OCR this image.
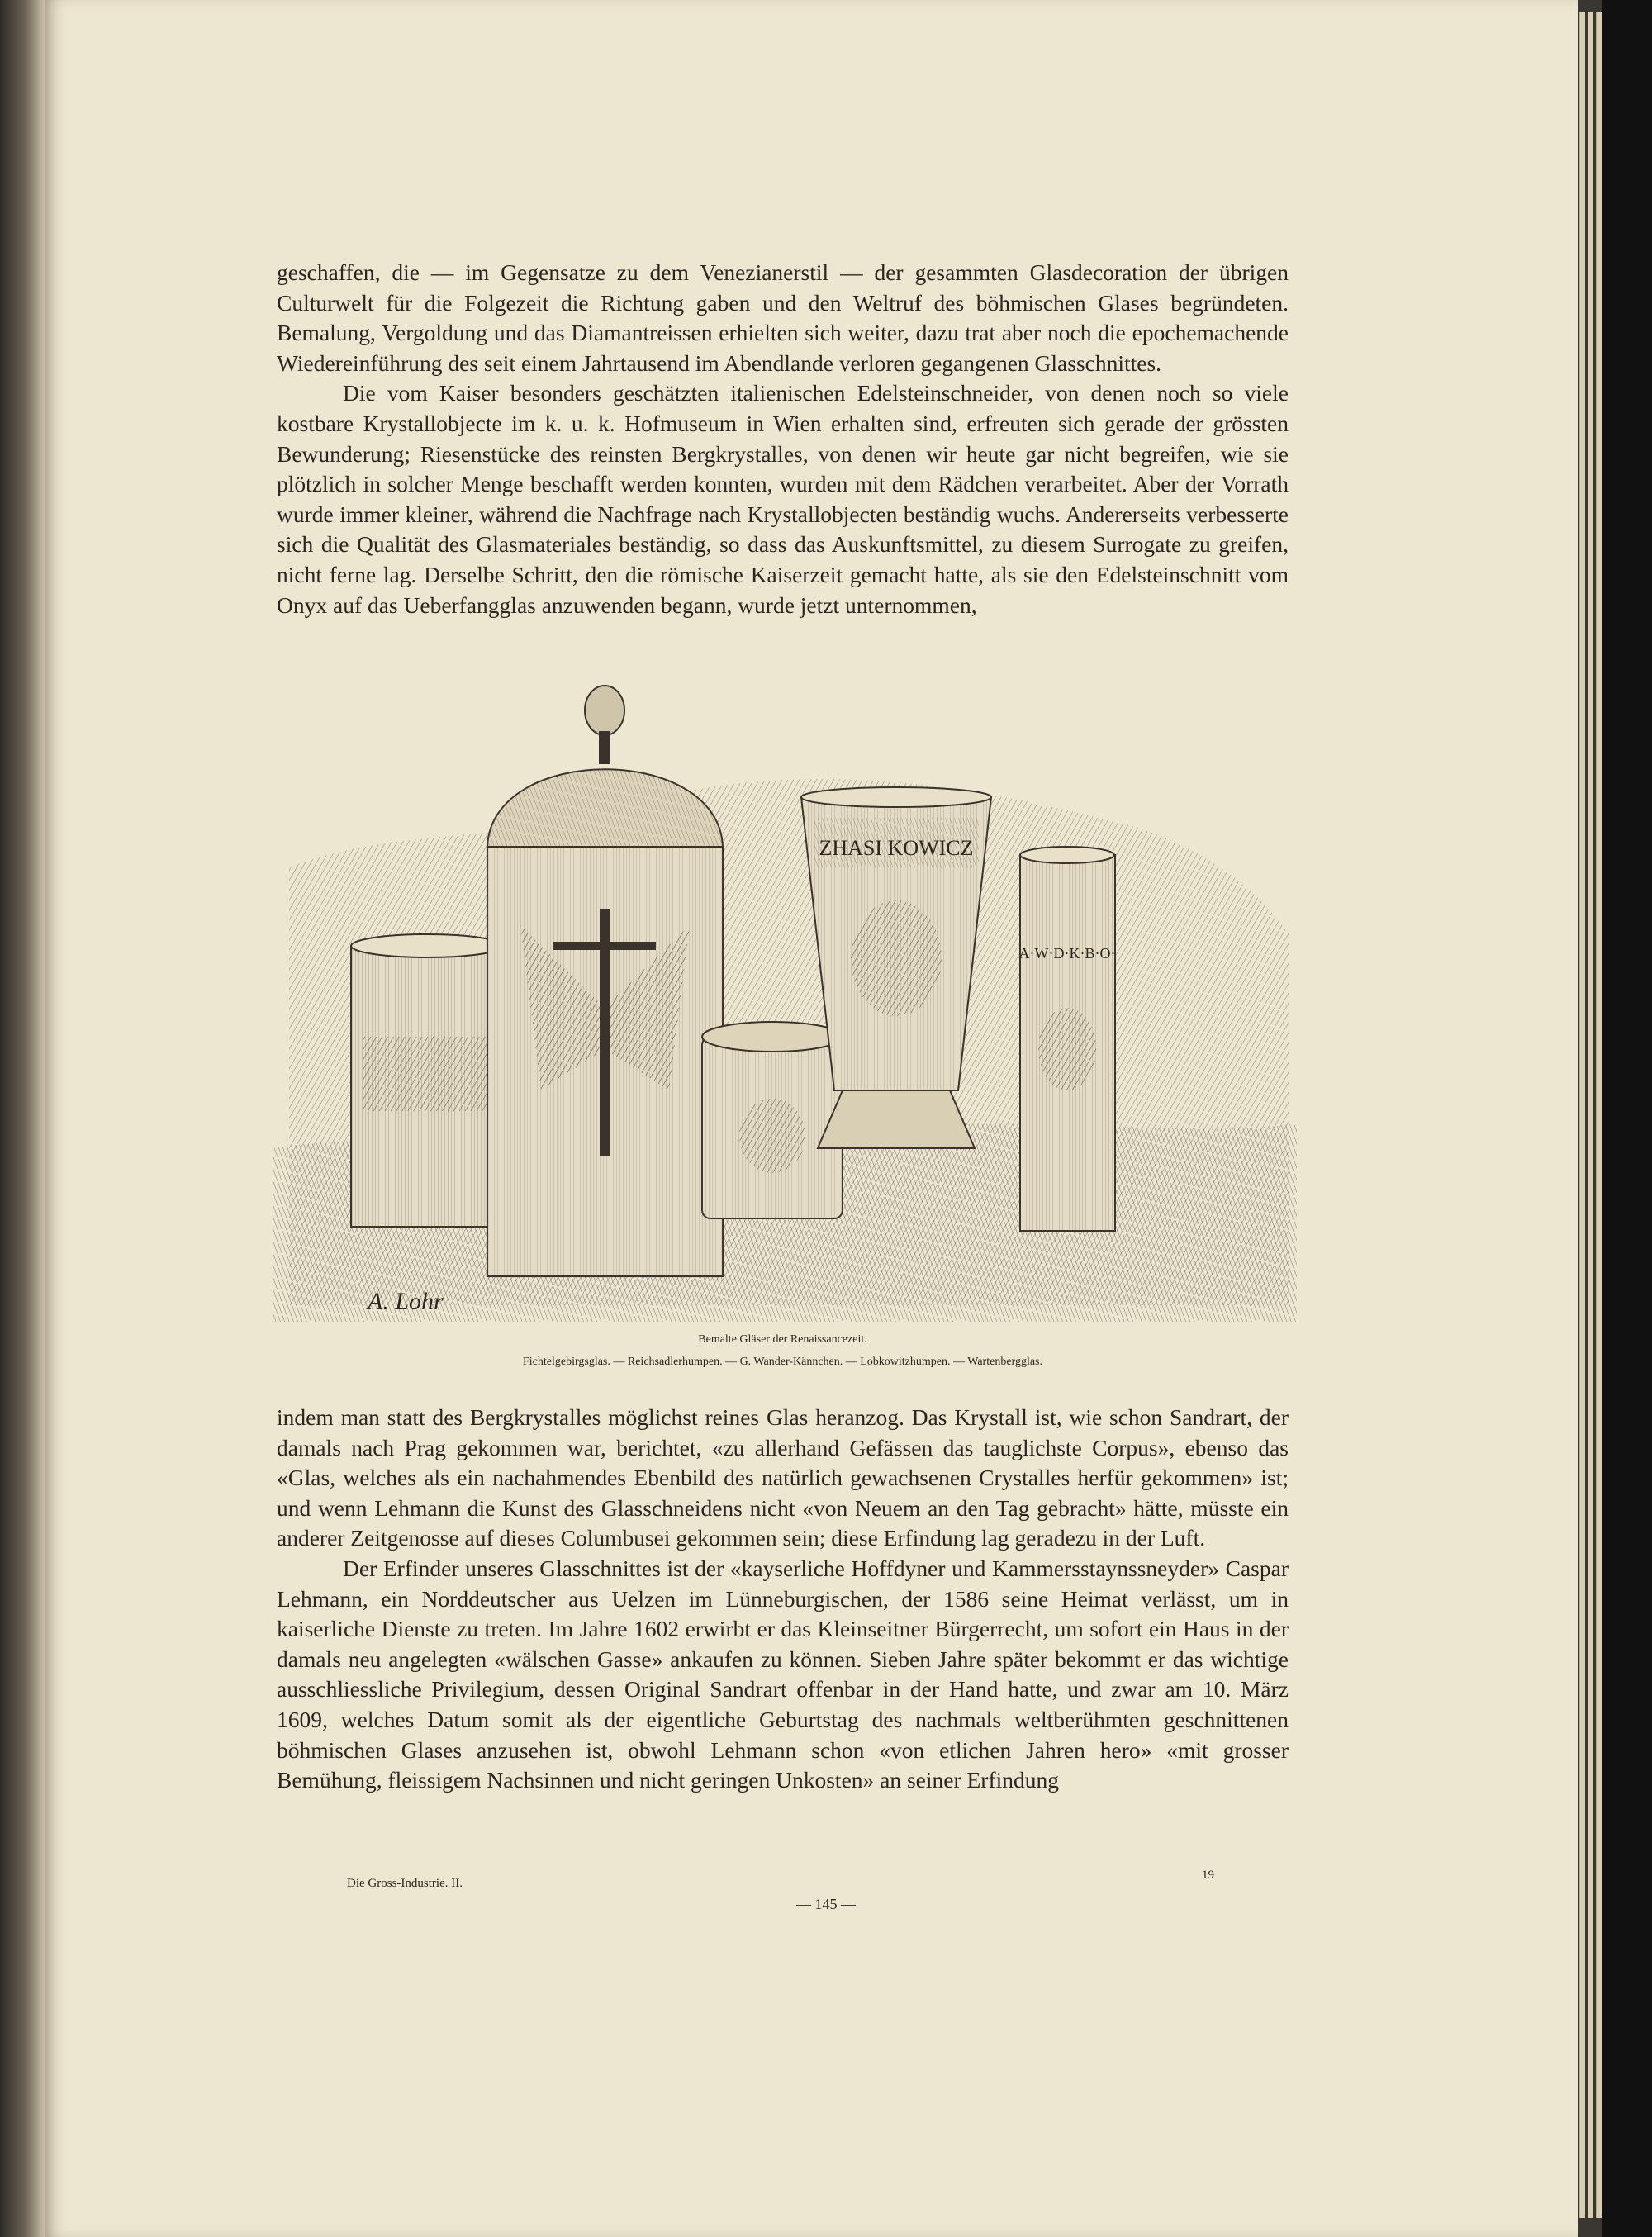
geschaffen, die — im Gegensatze zu dem Venezianerstil — der gesammten Glasdecoration der übrigen Culturwelt für die Folgezeit die Richtung gaben und den Weltruf des böhmischen Glases begründeten. Bemalung, Vergoldung und das Diamantreissen erhielten sich weiter, dazu trat aber noch die epochemachende Wiedereinführung des seit einem Jahrtausend im Abendlande verloren gegangenen Glasschnittes.

Die vom Kaiser besonders geschätzten italienischen Edelsteinschneider, von denen noch so viele kostbare Krystallobjecte im k. u. k. Hofmuseum in Wien erhalten sind, erfreuten sich gerade der grössten Bewunderung; Riesenstücke des reinsten Bergkrystalles, von denen wir heute gar nicht begreifen, wie sie plötzlich in solcher Menge beschafft werden konnten, wurden mit dem Rädchen verarbeitet. Aber der Vorrath wurde immer kleiner, während die Nachfrage nach Krystallobjecten beständig wuchs. Andererseits verbesserte sich die Qualität des Glasmateriales beständig, so dass das Auskunftsmittel, zu diesem Surrogate zu greifen, nicht ferne lag. Derselbe Schritt, den die römische Kaiserzeit gemacht hatte, als sie den Edelsteinschnitt vom Onyx auf das Ueberfangglas anzuwenden begann, wurde jetzt unternommen,

ZHASI KOWICZ
A·W·D·K·B·O·
A. Lohr
Bemalte Gläser der Renaissancezeit.
Fichtelgebirgsglas. — Reichsadlerhumpen. — G. Wander-Kännchen. — Lobkowitzhumpen. — Wartenbergglas.

indem man statt des Bergkrystalles möglichst reines Glas heranzog. Das Krystall ist, wie schon Sandrart, der damals nach Prag gekommen war, berichtet, «zu allerhand Gefässen das tauglichste Corpus», ebenso das «Glas, welches als ein nachahmendes Ebenbild des natürlich gewachsenen Crystalles herfür gekommen» ist; und wenn Lehmann die Kunst des Glasschneidens nicht «von Neuem an den Tag gebracht» hätte, müsste ein anderer Zeitgenosse auf dieses Columbusei gekommen sein; diese Erfindung lag geradezu in der Luft.

Der Erfinder unseres Glasschnittes ist der «kayserliche Hoffdyner und Kammersstaynssneyder» Caspar Lehmann, ein Norddeutscher aus Uelzen im Lünneburgischen, der 1586 seine Heimat verlässt, um in kaiserliche Dienste zu treten. Im Jahre 1602 erwirbt er das Kleinseitner Bürgerrecht, um sofort ein Haus in der damals neu angelegten «wälschen Gasse» ankaufen zu können. Sieben Jahre später bekommt er das wichtige ausschliessliche Privilegium, dessen Original Sandrart offenbar in der Hand hatte, und zwar am 10. März 1609, welches Datum somit als der eigentliche Geburtstag des nachmals weltberühmten geschnittenen böhmischen Glases anzusehen ist, obwohl Lehmann schon «von etlichen Jahren hero» «mit grosser Bemühung, fleissigem Nachsinnen und nicht geringen Unkosten» an seiner Erfindung

Die Gross-Industrie. II.
19
— 145 —
